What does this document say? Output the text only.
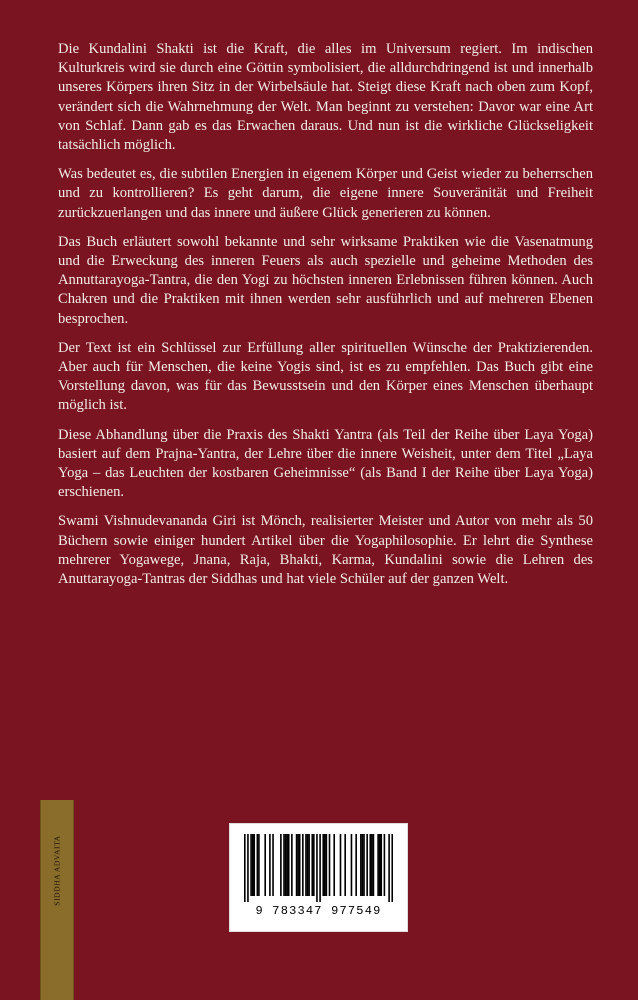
Die Kundalini Shakti ist die Kraft, die alles im Universum regiert. Im indischen Kulturkreis wird sie durch eine Göttin symbolisiert, die alldurchdringend ist und innerhalb unseres Körpers ihren Sitz in der Wirbelsäule hat. Steigt diese Kraft nach oben zum Kopf, verändert sich die Wahrnehmung der Welt. Man beginnt zu verstehen: Davor war eine Art von Schlaf. Dann gab es das Erwachen daraus. Und nun ist die wirkliche Glückseligkeit tatsächlich möglich.

Was bedeutet es, die subtilen Energien in eigenem Körper und Geist wieder zu beherrschen und zu kontrollieren? Es geht darum, die eigene innere Souveränität und Freiheit zurückzuerlangen und das innere und äußere Glück generieren zu können.

Das Buch erläutert sowohl bekannte und sehr wirksame Praktiken wie die Vasenatmung und die Erweckung des inneren Feuers als auch spezielle und geheime Methoden des Annuttarayoga-Tantra, die den Yogi zu höchsten inneren Erlebnissen führen können. Auch Chakren und die Praktiken mit ihnen werden sehr ausführlich und auf mehreren Ebenen besprochen.

Der Text ist ein Schlüssel zur Erfüllung aller spirituellen Wünsche der Praktizierenden. Aber auch für Menschen, die keine Yogis sind, ist es zu empfehlen. Das Buch gibt eine Vorstellung davon, was für das Bewusstsein und den Körper eines Menschen überhaupt möglich ist.

Diese Abhandlung über die Praxis des Shakti Yantra (als Teil der Reihe über Laya Yoga) basiert auf dem Prajna-Yantra, der Lehre über die innere Weisheit, unter dem Titel „Laya Yoga – das Leuchten der kostbaren Geheimnisse“ (als Band I der Reihe über Laya Yoga) erschienen.

Swami Vishnudevananda Giri ist Mönch, realisierter Meister und Autor von mehr als 50 Büchern sowie einiger hundert Artikel über die Yogaphilosophie. Er lehrt die Synthese mehrerer Yogawege, Jnana, Raja, Bhakti, Karma, Kundalini sowie die Lehren des Anuttarayoga-Tantras der Siddhas und hat viele Schüler auf der ganzen Welt.

SIDDHA ADVAITA
9 783347 977549
